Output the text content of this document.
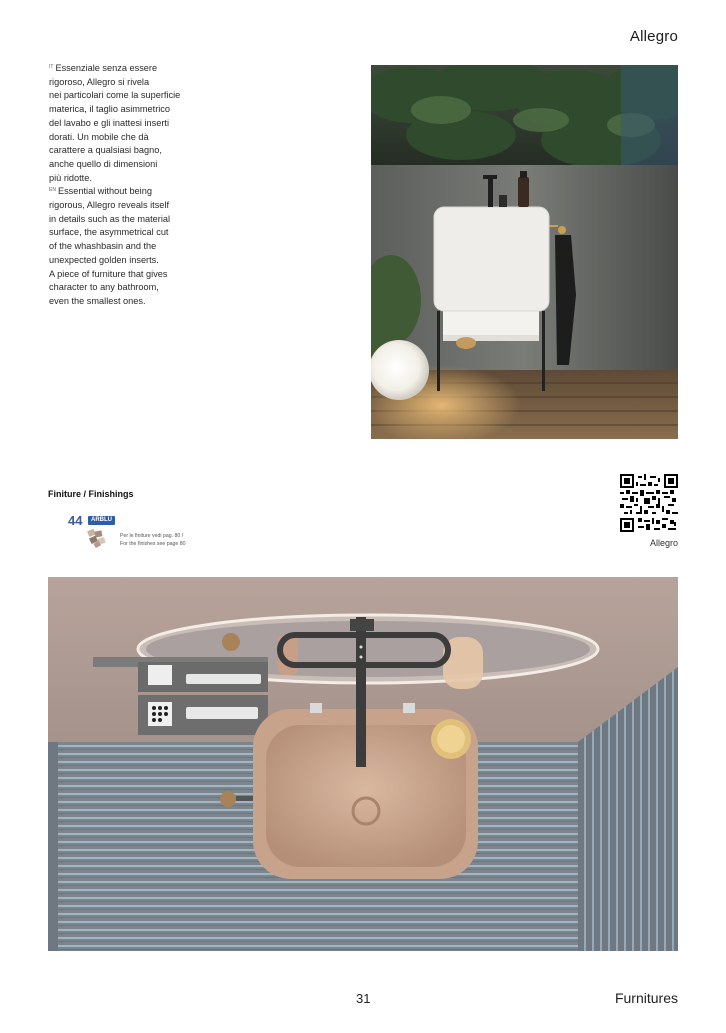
Allegro

$^{IT}$ Essenziale senza essere
rigoroso, Allegro si rivela
nei particolari come la superficie
materica, il taglio asimmetrico
del lavabo e gli inattesi inserti
dorati. Un mobile che dà
carattere a qualsiasi bagno,
anche quello di dimensioni
più ridotte.

$^{EN}$ Essential without being
rigorous, Allegro reveals itself
in details such as the material
surface, the asymmetrical cut
of the whashbasin and the
unexpected golden inserts.
A piece of furniture that gives
character to any bathroom,
even the smallest ones.

Finiture / Finishings
44	ARBLU
Per le finiture vedi pag. 80 /
For the finishes see page 80	Allegro
31	Furnitures
